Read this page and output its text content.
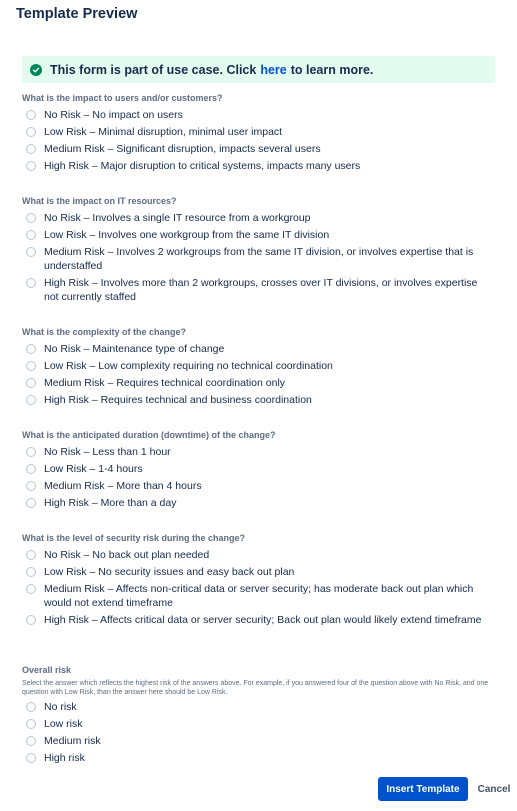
Template Preview
This form is part of use case. Click here to learn more.
What is the impact to users and/or customers?
No Risk – No impact on users
Low Risk – Minimal disruption, minimal user impact
Medium Risk – Significant disruption, impacts several users
High Risk – Major disruption to critical systems, impacts many users
What is the impact on IT resources?
No Risk – Involves a single IT resource from a workgroup
Low Risk – Involves one workgroup from the same IT division
Medium Risk – Involves 2 workgroups from the same IT division, or involves expertise that is understaffed
High Risk – Involves more than 2 workgroups, crosses over IT divisions, or involves expertise not currently staffed
What is the complexity of the change?
No Risk – Maintenance type of change
Low Risk – Low complexity requiring no technical coordination
Medium Risk – Requires technical coordination only
High Risk – Requires technical and business coordination
What is the anticipated duration (downtime) of the change?
No Risk – Less than 1 hour
Low Risk – 1-4 hours
Medium Risk – More than 4 hours
High Risk – More than a day
What is the level of security risk during the change?
No Risk – No back out plan needed
Low Risk – No security issues and easy back out plan
Medium Risk – Affects non-critical data or server security; has moderate back out plan which would not extend timeframe
High Risk – Affects critical data or server security; Back out plan would likely extend timeframe
Overall risk
Select the answer which reflects the highest risk of the answers above. For example, if you answered four of the question above with No Risk, and one question with Low Risk, than the answer here should be Low Risk.
No risk
Low risk
Medium risk
High risk
Insert Template	Cancel
